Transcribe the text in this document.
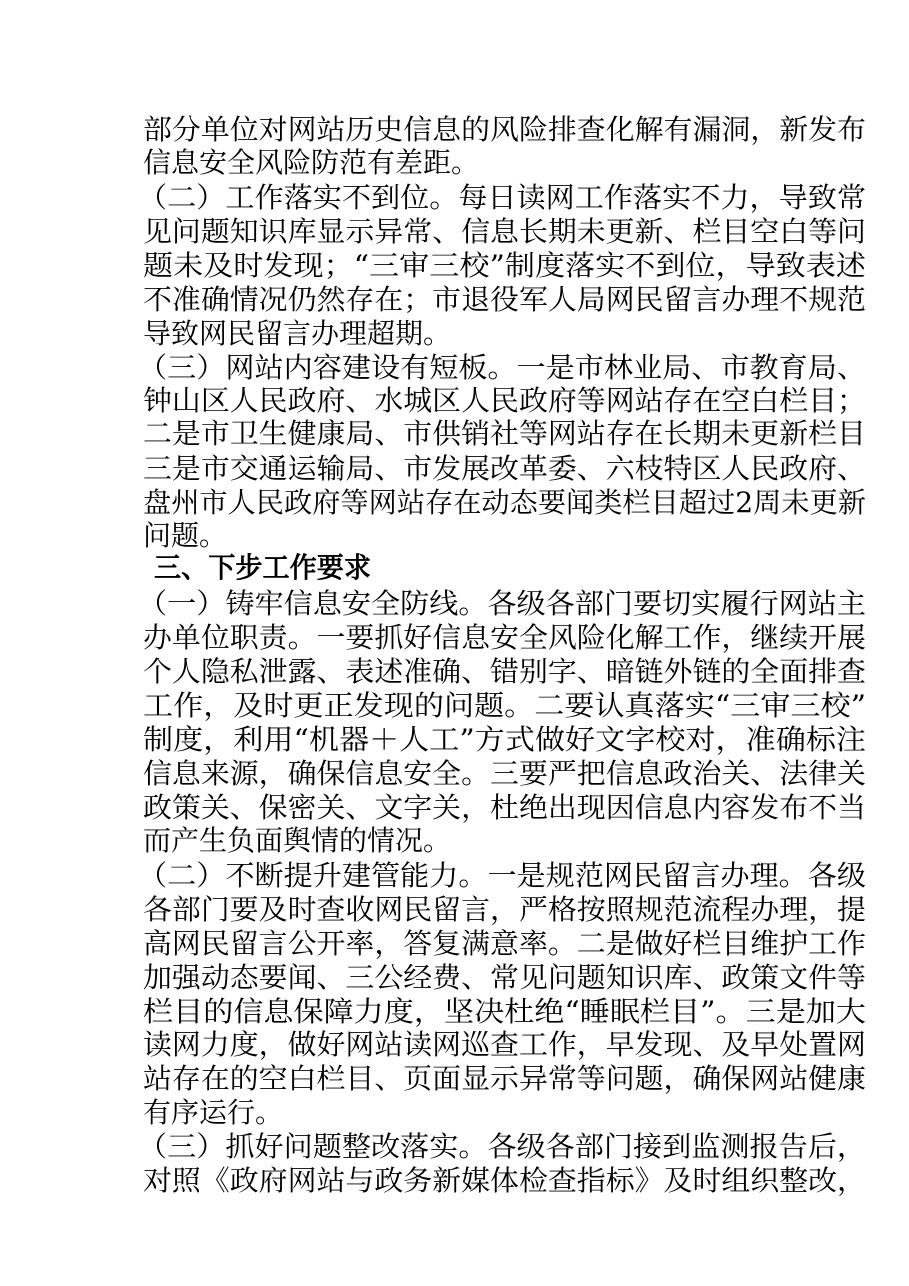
部分单位对网站历史信息的风险排查化解有漏洞，新发布
信息安全风险防范有差距。
（二）工作落实不到位。每日读网工作落实不力，导致常
见问题知识库显示异常、信息长期未更新、栏目空白等问
题未及时发现；“三审三校”制度落实不到位，导致表述
不准确情况仍然存在；市退役军人局网民留言办理不规范
导致网民留言办理超期。
（三）网站内容建设有短板。一是市林业局、市教育局、
钟山区人民政府、水城区人民政府等网站存在空白栏目；
二是市卫生健康局、市供销社等网站存在长期未更新栏目
三是市交通运输局、市发展改革委、六枝特区人民政府、
盘州市人民政府等网站存在动态要闻类栏目超过2周未更新
问题。
三、下步工作要求
（一）铸牢信息安全防线。各级各部门要切实履行网站主
办单位职责。一要抓好信息安全风险化解工作，继续开展
个人隐私泄露、表述准确、错别字、暗链外链的全面排查
工作，及时更正发现的问题。二要认真落实“三审三校”
制度，利用“机器＋人工”方式做好文字校对，准确标注
信息来源，确保信息安全。三要严把信息政治关、法律关
政策关、保密关、文字关，杜绝出现因信息内容发布不当
而产生负面舆情的情况。
（二）不断提升建管能力。一是规范网民留言办理。各级
各部门要及时查收网民留言，严格按照规范流程办理，提
高网民留言公开率，答复满意率。二是做好栏目维护工作
加强动态要闻、三公经费、常见问题知识库、政策文件等
栏目的信息保障力度，坚决杜绝“睡眠栏目”。三是加大
读网力度，做好网站读网巡查工作，早发现、及早处置网
站存在的空白栏目、页面显示异常等问题，确保网站健康
有序运行。
（三）抓好问题整改落实。各级各部门接到监测报告后，
对照《政府网站与政务新媒体检查指标》及时组织整改，
